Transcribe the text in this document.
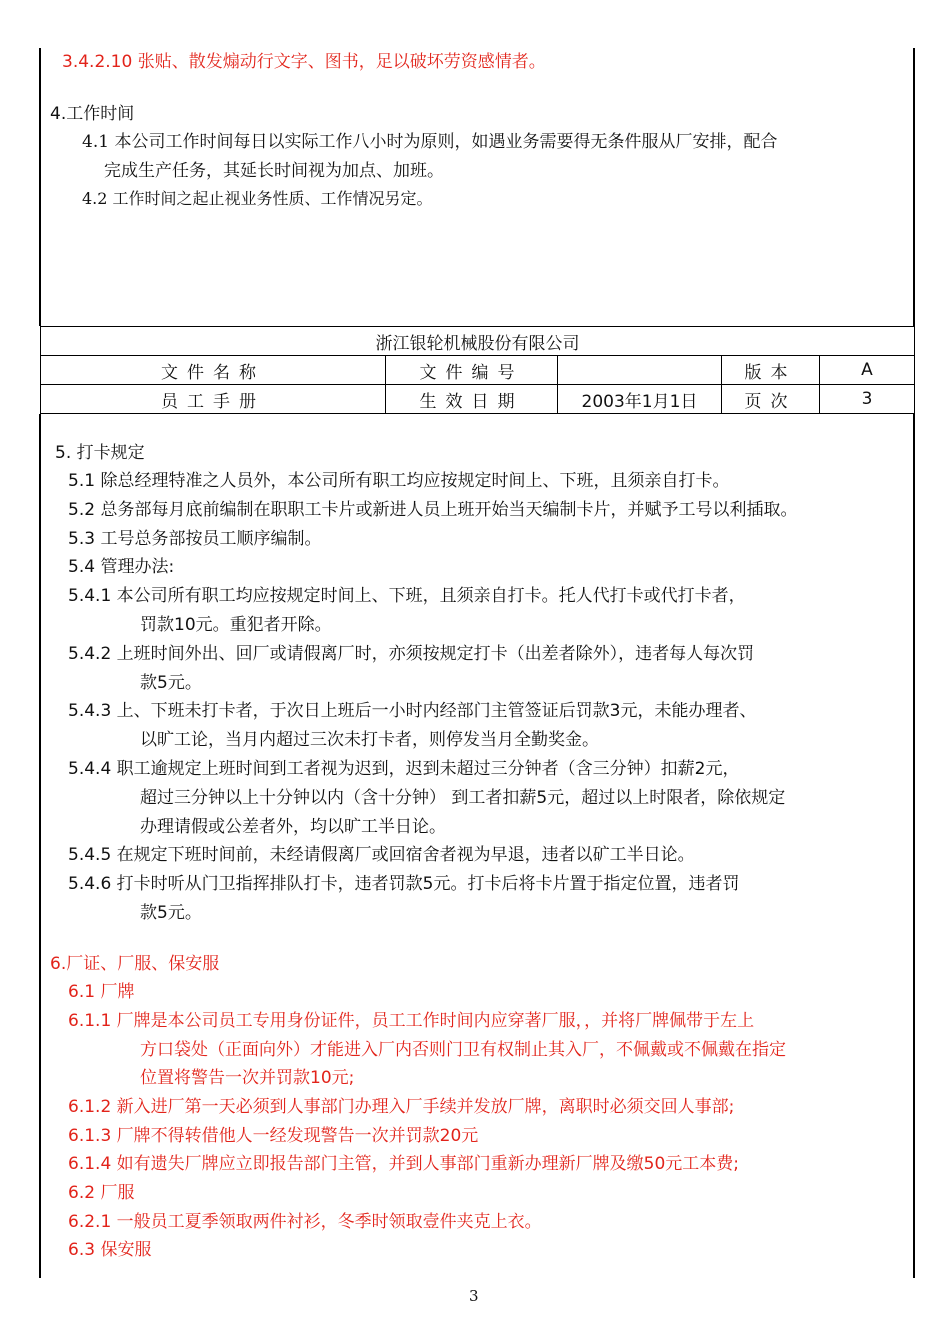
3.4.2.10 张贴、散发煽动行文字、图书，足以破坏劳资感情者。
4.工作时间
4.1 本公司工作时间每日以实际工作八小时为原则，如遇业务需要得无条件服从厂安排，配合
完成生产任务，其延长时间视为加点、加班。
4.2 工作时间之起止视业务性质、工作情况另定。
浙江银轮机械股份有限公司				
文件名称	文件编号		版本	A
员工手册	生效日期	2003年1月1日	页次	3
5. 打卡规定
5.1 除总经理特准之人员外，本公司所有职工均应按规定时间上、下班，且须亲自打卡。
5.2 总务部每月底前编制在职职工卡片或新进人员上班开始当天编制卡片，并赋予工号以利插取。
5.3 工号总务部按员工顺序编制。
5.4 管理办法:
5.4.1 本公司所有职工均应按规定时间上、下班，且须亲自打卡。托人代打卡或代打卡者，
罚款10元。重犯者开除。
5.4.2 上班时间外出、回厂或请假离厂时，亦须按规定打卡（出差者除外），违者每人每次罚
款5元。
5.4.3 上、下班未打卡者，于次日上班后一小时内经部门主管签证后罚款3元，未能办理者、
以旷工论，当月内超过三次未打卡者，则停发当月全勤奖金。
5.4.4 职工逾规定上班时间到工者视为迟到，迟到未超过三分钟者（含三分钟）扣薪2元，
超过三分钟以上十分钟以内（含十分钟） 到工者扣薪5元，超过以上时限者，除依规定
办理请假或公差者外，均以旷工半日论。
5.4.5 在规定下班时间前，未经请假离厂或回宿舍者视为早退，违者以矿工半日论。
5.4.6 打卡时听从门卫指挥排队打卡，违者罚款5元。打卡后将卡片置于指定位置，违者罚
款5元。
6.厂证、厂服、保安服
6.1 厂牌
6.1.1 厂牌是本公司员工专用身份证件，员工工作时间内应穿著厂服，，并将厂牌佩带于左上
方口袋处（正面向外）才能进入厂内否则门卫有权制止其入厂，不佩戴或不佩戴在指定
位置将警告一次并罚款10元;
6.1.2 新入进厂第一天必须到人事部门办理入厂手续并发放厂牌，离职时必须交回人事部;
6.1.3 厂牌不得转借他人一经发现警告一次并罚款20元
6.1.4 如有遗失厂牌应立即报告部门主管，并到人事部门重新办理新厂牌及缴50元工本费;
6.2 厂服
6.2.1 一般员工夏季领取两件衬衫，冬季时领取壹件夹克上衣。
6.3 保安服
3
